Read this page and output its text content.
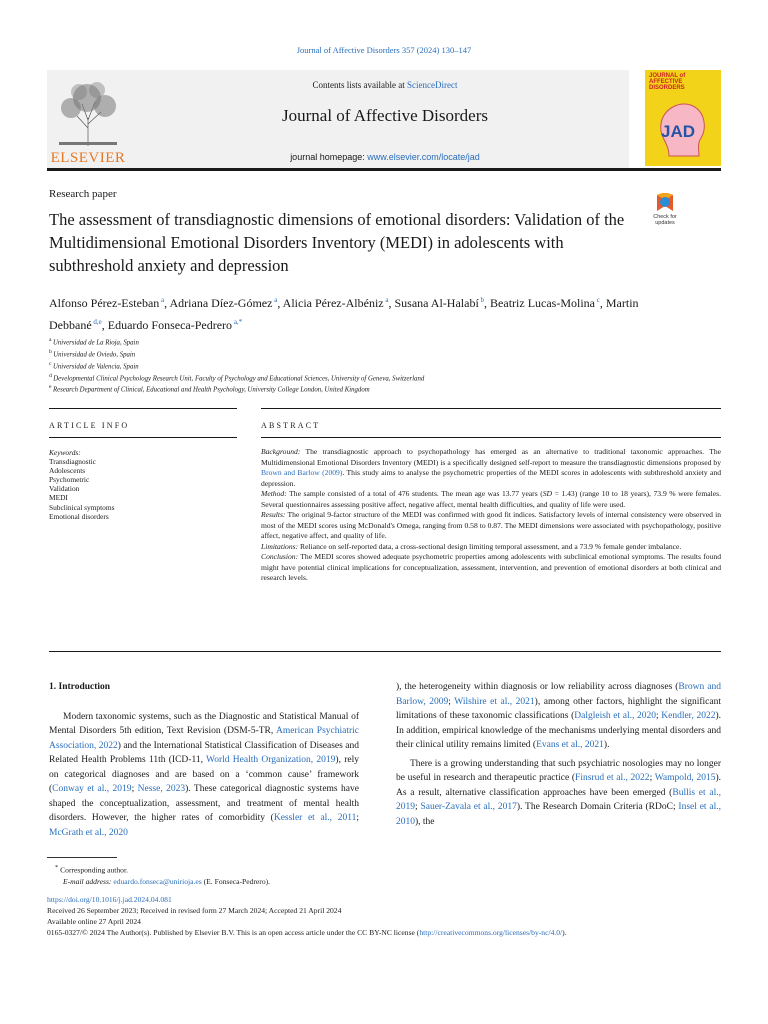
Journal of Affective Disorders 357 (2024) 130–147
ELSEVIER
Contents lists available at ScienceDirect
Journal of Affective Disorders
journal homepage: www.elsevier.com/locate/jad
JOURNAL of AFFECTIVE DISORDERS
JAD
Research paper
Check for updates
The assessment of transdiagnostic dimensions of emotional disorders: Validation of the Multidimensional Emotional Disorders Inventory (MEDI) in adolescents with subthreshold anxiety and depression
Alfonso Pérez-Esteban $^a$, Adriana Díez-Gómez $^a$, Alicia Pérez-Albéniz $^a$, Susana Al-Halabí $^b$, Beatriz Lucas-Molina $^c$, Martin Debbané $^{d,e}$, Eduardo Fonseca-Pedrero $^{a,*}$
$^a$ Universidad de La Rioja, Spain
$^b$ Universidad de Oviedo, Spain
$^c$ Universidad de Valencia, Spain
$^d$ Developmental Clinical Psychology Research Unit, Faculty of Psychology and Educational Sciences, University of Geneva, Switzerland
$^e$ Research Department of Clinical, Educational and Health Psychology, University College London, United Kingdom
ARTICLE INFO	ABSTRACT
Keywords:
Transdiagnostic
Adolescents
Psychometric
Validation
MEDI
Subclinical symptoms
Emotional disorders

Background: The transdiagnostic approach to psychopathology has emerged as an alternative to traditional taxonomic approaches. The Multidimensional Emotional Disorders Inventory (MEDI) is a specifically designed self-report to measure the transdiagnostic dimensions proposed by Brown and Barlow (2009). This study aims to analyse the psychometric properties of the MEDI scores in adolescents with subthreshold anxiety and depression.

Method: The sample consisted of a total of 476 students. The mean age was 13.77 years (SD = 1.43) (range 10 to 18 years), 73.9 % were females. Several questionnaires assessing positive affect, negative affect, mental health difficulties, and quality of life were used.

Results: The original 9-factor structure of the MEDI was confirmed with good fit indices. Satisfactory levels of internal consistency were observed in most of the MEDI scores using McDonald's Omega, ranging from 0.58 to 0.87. The MEDI dimensions were associated with psychopathology, positive affect, negative affect, and quality of life.

Limitations: Reliance on self-reported data, a cross-sectional design limiting temporal assessment, and a 73.9 % female gender imbalance.

Conclusion: The MEDI scores showed adequate psychometric properties among adolescents with subclinical emotional symptoms. The results found might have potential clinical implications for conceptualization, assessment, intervention, and prevention of emotional disorders at both clinical and research levels.

1. Introduction

Modern taxonomic systems, such as the Diagnostic and Statistical Manual of Mental Disorders 5th edition, Text Revision (DSM-5-TR, American Psychiatric Association, 2022) and the International Statistical Classification of Diseases and Related Health Problems 11th (ICD-11, World Health Organization, 2019), rely on categorical diagnoses and are based on a ‘common cause’ framework (Conway et al., 2019; Nesse, 2023). These categorical diagnostic systems have shaped the conceptualization, assessment, and treatment of mental health disorders. However, the higher rates of comorbidity (Kessler et al., 2011; McGrath et al., 2020

), the heterogeneity within diagnosis or low reliability across diagnoses (Brown and Barlow, 2009; Wilshire et al., 2021), among other factors, highlight the significant limitations of these taxonomic classifications (Dalgleish et al., 2020; Kendler, 2022). In addition, empirical knowledge of the mechanisms underlying mental disorders and their clinical utility remains limited (Evans et al., 2021).

There is a growing understanding that such psychiatric nosologies may no longer be useful in research and therapeutic practice (Finsrud et al., 2022; Wampold, 2015). As a result, alternative classification approaches have been emerged (Bullis et al., 2019; Sauer-Zavala et al., 2017). The Research Domain Criteria (RDoC; Insel et al., 2010), the

* Corresponding author.
E-mail address: eduardo.fonseca@unirioja.es (E. Fonseca-Pedrero).
https://doi.org/10.1016/j.jad.2024.04.081
Received 26 September 2023; Received in revised form 27 March 2024; Accepted 21 April 2024
Available online 27 April 2024
0165-0327/© 2024 The Author(s). Published by Elsevier B.V. This is an open access article under the CC BY-NC license (http://creativecommons.org/licenses/by-nc/4.0/).
